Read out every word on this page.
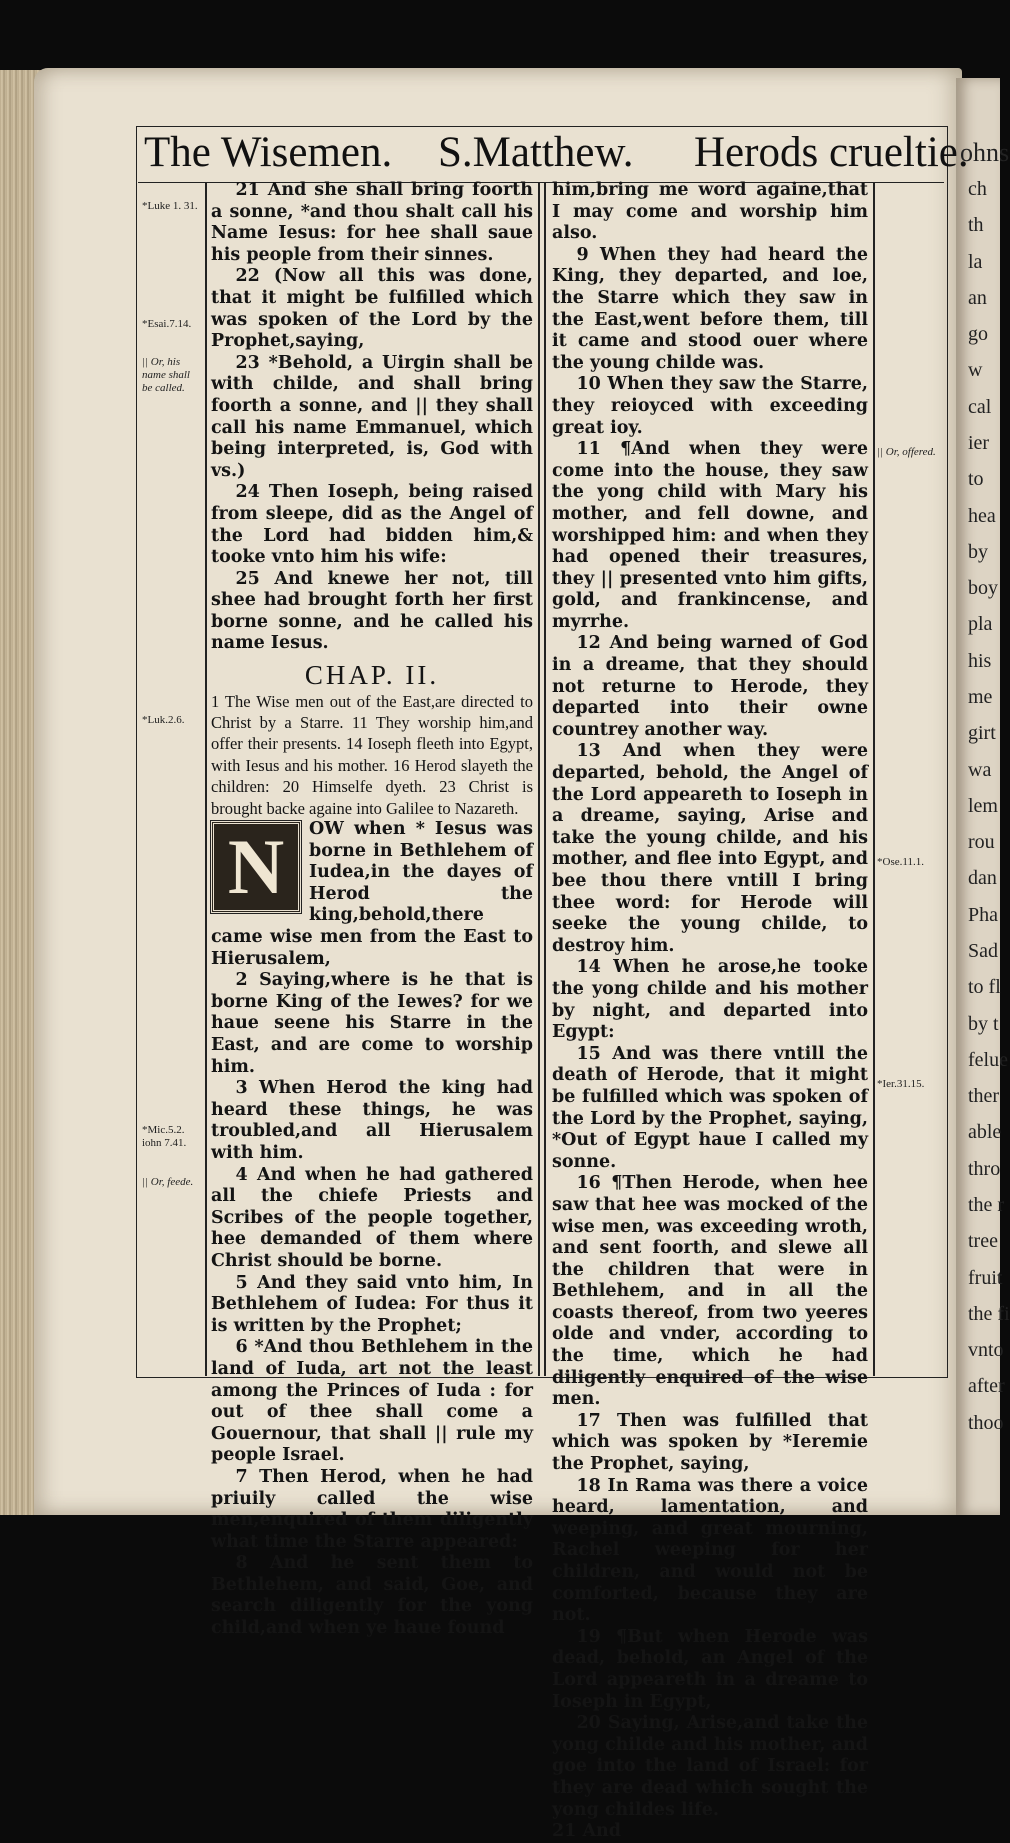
ohns
ch
th
la
an
go
w
cal
ier
to
hea
by
boy
pla
his
me
girt
wa
lem
rou
dan
Pha
Sad
to fl
by t
felue
ther
able
thro
the r
tree
fruit
the fi
vnto
after
thoo
The Wisemen. S.Matthew. Herods crueltie.
*Luke 1. 31.
*Esai.7.14.
|| Or, his name shall be called.
*Luk.2.6.
*Mic.5.2. iohn 7.41.
|| Or, feede.
|| Or, offered.
*Ose.11.1.
*Ier.31.15.

21 And she shall bring foorth a sonne, *and thou shalt call his Name Iesus: for hee shall saue his people from their sinnes.

22 (Now all this was done, that it might be fulfilled which was spoken of the Lord by the Prophet,saying,

23 *Behold, a Uirgin shall be with childe, and shall bring foorth a sonne, and || they shall call his name Emmanuel, which being interpreted, is, God with vs.)

24 Then Ioseph, being raised from sleepe, did as the Angel of the Lord had bidden him,& tooke vnto him his wife:

25 And knewe her not, till shee had brought forth her first borne sonne, and he called his name Iesus.

CHAP. II.

1 The Wise men out of the East,are directed to Christ by a Starre. 11 They worship him,and offer their presents. 14 Ioseph fleeth into Egypt, with Iesus and his mother. 16 Herod slayeth the children: 20 Himselfe dyeth. 23 Christ is brought backe againe into Galilee to Nazareth.

N	OW when * Iesus was borne in Bethlehem of Iudea,in the dayes of Herod the king,behold,there came wise men from the East to Hierusalem,

2 Saying,where is he that is borne King of the Iewes? for we haue seene his Starre in the East, and are come to worship him.

3 When Herod the king had heard these things, he was troubled,and all Hierusalem with him.

4 And when he had gathered all the chiefe Priests and Scribes of the people together, hee demanded of them where Christ should be borne.

5 And they said vnto him, In Bethlehem of Iudea: For thus it is written by the Prophet;

6 *And thou Bethlehem in the land of Iuda, art not the least among the Princes of Iuda : for out of thee shall come a Gouernour, that shall || rule my people Israel.

7 Then Herod, when he had priuily called the wise men,enquired of them diligently what time the Starre appeared:

8 And he sent them to Bethlehem, and said, Goe, and search diligently for the yong child,and when ye haue found

him,bring me word againe,that I may come and worship him also.

9 When they had heard the King, they departed, and loe, the Starre which they saw in the East,went before them, till it came and stood ouer where the young childe was.

10 When they saw the Starre, they reioyced with exceeding great ioy.

11 ¶And when they were come into the house, they saw the yong child with Mary his mother, and fell downe, and worshipped him: and when they had opened their treasures, they || presented vnto him gifts, gold, and frankincense, and myrrhe.

12 And being warned of God in a dreame, that they should not returne to Herode, they departed into their owne countrey another way.

13 And when they were departed, behold, the Angel of the Lord appeareth to Ioseph in a dreame, saying, Arise and take the young childe, and his mother, and flee into Egypt, and bee thou there vntill I bring thee word: for Herode will seeke the young childe, to destroy him.

14 When he arose,he tooke the yong childe and his mother by night, and departed into Egypt:

15 And was there vntill the death of Herode, that it might be fulfilled which was spoken of the Lord by the Prophet, saying, *Out of Egypt haue I called my sonne.

16 ¶Then Herode, when hee saw that hee was mocked of the wise men, was exceeding wroth, and sent foorth, and slewe all the children that were in Bethlehem, and in all the coasts thereof, from two yeeres olde and vnder, according to the time, which he had diligently enquired of the wise men.

17 Then was fulfilled that which was spoken by *Ieremie the Prophet, saying,

18 In Rama was there a voice heard, lamentation, and weeping, and great mourning, Rachel weeping for her children, and would not be comforted, because they are not.

19 ¶But when Herode was dead, behold, an Angel of the Lord appeareth in a dreame to Ioseph in Egypt,

20 Saying, Arise,and take the yong childe and his mother, and goe into the land of Israel: for they are dead which sought the yong childes life.

21 And
